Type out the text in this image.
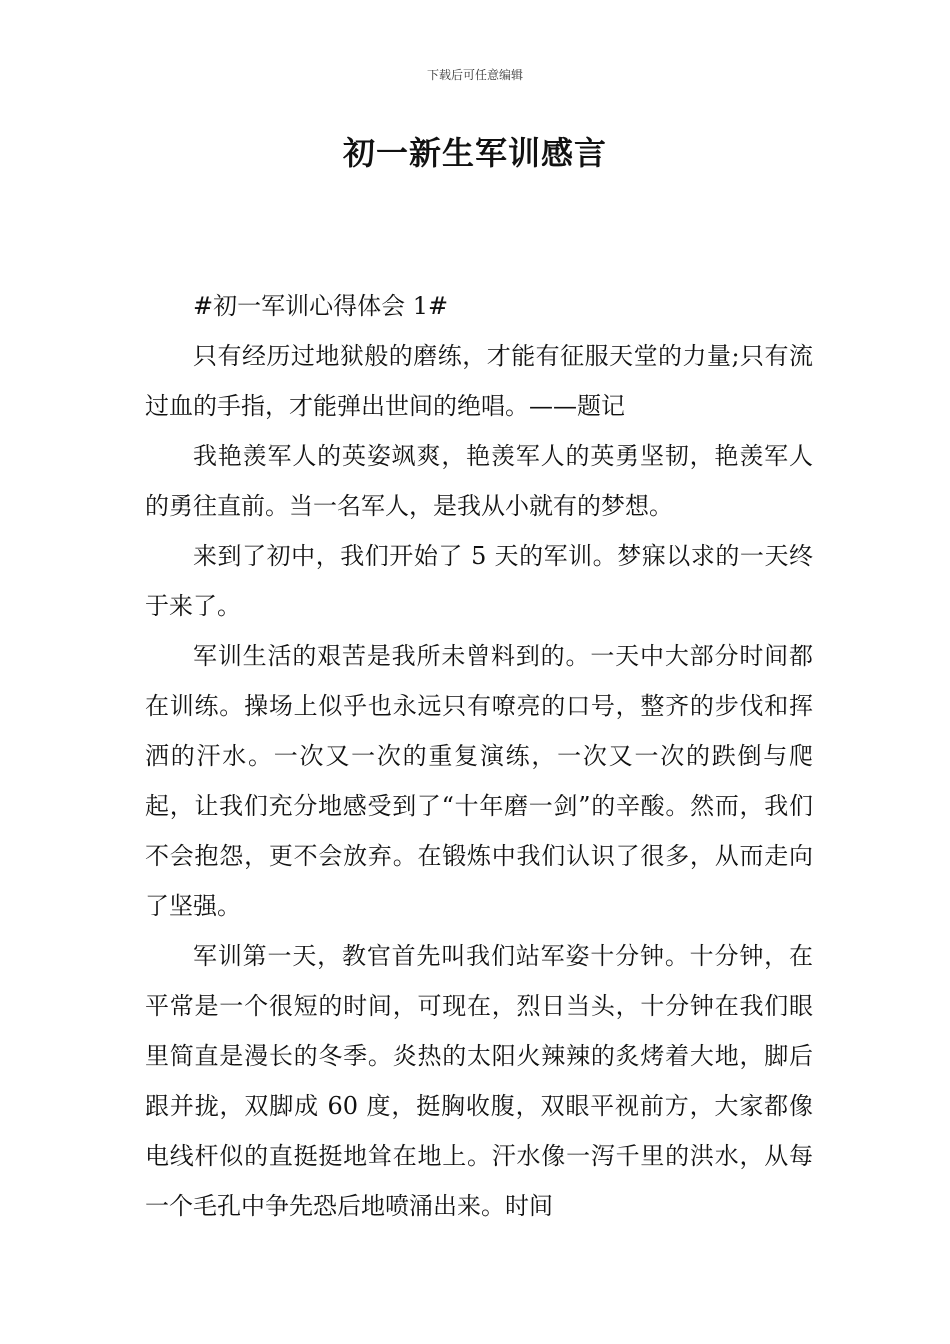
下载后可任意编辑
初一新生军训感言

#初一军训心得体会 1#

只有经历过地狱般的磨练，才能有征服天堂的力量;只有流过血的手指，才能弹出世间的绝唱。——题记

我艳羡军人的英姿飒爽，艳羡军人的英勇坚韧，艳羡军人的勇往直前。当一名军人，是我从小就有的梦想。

来到了初中，我们开始了 5 天的军训。梦寐以求的一天终于来了。

军训生活的艰苦是我所未曾料到的。一天中大部分时间都在训练。操场上似乎也永远只有嘹亮的口号，整齐的步伐和挥洒的汗水。一次又一次的重复演练，一次又一次的跌倒与爬起，让我们充分地感受到了“十年磨一剑”的辛酸。然而，我们不会抱怨，更不会放弃。在锻炼中我们认识了很多，从而走向了坚强。

军训第一天，教官首先叫我们站军姿十分钟。十分钟，在平常是一个很短的时间，可现在，烈日当头，十分钟在我们眼里简直是漫长的冬季。炎热的太阳火辣辣的炙烤着大地，脚后跟并拢，双脚成 60 度，挺胸收腹，双眼平视前方，大家都像电线杆似的直挺挺地耸在地上。汗水像一泻千里的洪水，从每一个毛孔中争先恐后地喷涌出来。时间
